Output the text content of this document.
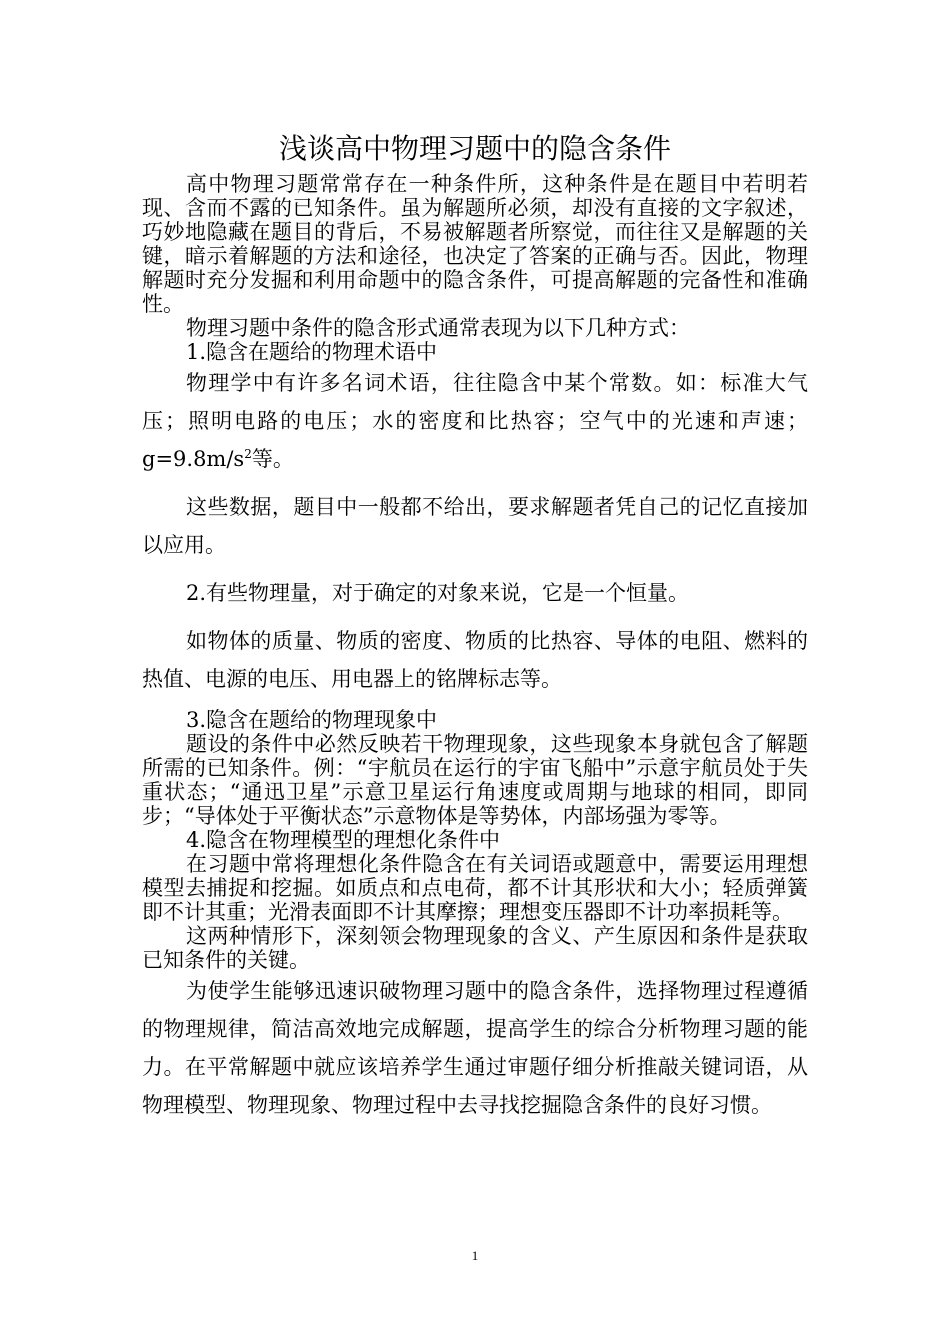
浅谈高中物理习题中的隐含条件

高中物理习题常常存在一种条件所，这种条件是在题目中若明若现、含而不露的已知条件。虽为解题所必须，却没有直接的文字叙述，巧妙地隐藏在题目的背后，不易被解题者所察觉，而往往又是解题的关键，暗示着解题的方法和途径，也决定了答案的正确与否。因此，物理解题时充分发掘和利用命题中的隐含条件，可提高解题的完备性和准确性。

物理习题中条件的隐含形式通常表现为以下几种方式：

1.隐含在题给的物理术语中

物理学中有许多名词术语，往往隐含中某个常数。如：标准大气压；照明电路的电压；水的密度和比热容；空气中的光速和声速；$g=9.8m/s^2$等。

这些数据，题目中一般都不给出，要求解题者凭自己的记忆直接加以应用。

2.有些物理量，对于确定的对象来说，它是一个恒量。

如物体的质量、物质的密度、物质的比热容、导体的电阻、燃料的热值、电源的电压、用电器上的铭牌标志等。

3.隐含在题给的物理现象中

题设的条件中必然反映若干物理现象，这些现象本身就包含了解题所需的已知条件。例：“宇航员在运行的宇宙飞船中”示意宇航员处于失重状态；“通迅卫星”示意卫星运行角速度或周期与地球的相同，即同步；“导体处于平衡状态”示意物体是等势体，内部场强为零等。

4.隐含在物理模型的理想化条件中

在习题中常将理想化条件隐含在有关词语或题意中，需要运用理想模型去捕捉和挖掘。如质点和点电荷，都不计其形状和大小；轻质弹簧即不计其重；光滑表面即不计其摩擦；理想变压器即不计功率损耗等。

这两种情形下，深刻领会物理现象的含义、产生原因和条件是获取已知条件的关键。

为使学生能够迅速识破物理习题中的隐含条件，选择物理过程遵循的物理规律，简洁高效地完成解题，提高学生的综合分析物理习题的能力。在平常解题中就应该培养学生通过审题仔细分析推敲关键词语，从物理模型、物理现象、物理过程中去寻找挖掘隐含条件的良好习惯。

1
